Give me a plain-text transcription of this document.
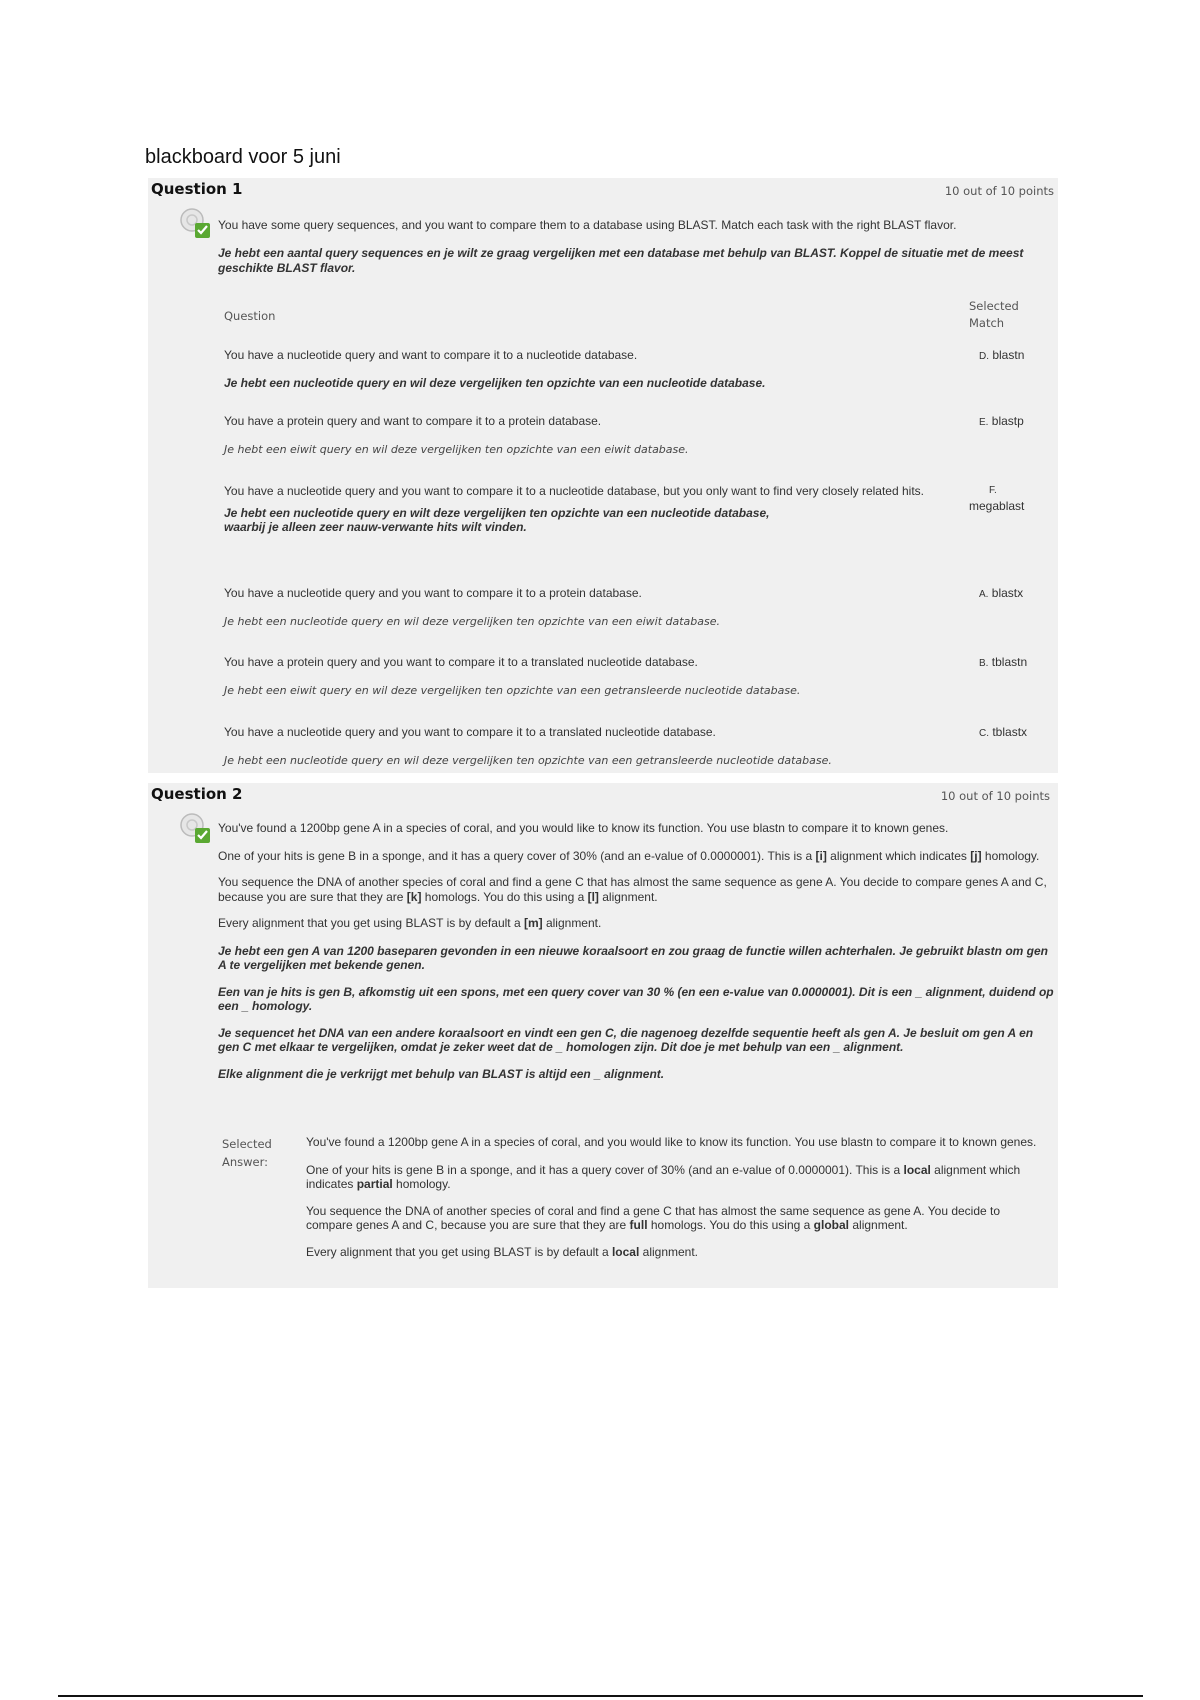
blackboard voor 5 juni
Question 1	10 out of 10 points

You have some query sequences, and you want to compare them to a database using BLAST. Match each task with the right BLAST flavor.

Je hebt een aantal query sequences en je wilt ze graag vergelijken met een database met behulp van BLAST. Koppel de situatie met de meest geschikte BLAST flavor.

Question
Selected
Match

You have a nucleotide query and want to compare it to a nucleotide database.

Je hebt een nucleotide query en wil deze vergelijken ten opzichte van een nucleotide database.

D. blastn

You have a protein query and want to compare it to a protein database.

Je hebt een eiwit query en wil deze vergelijken ten opzichte van een eiwit database.

E. blastp

You have a nucleotide query and you want to compare it to a nucleotide database, but you only want to find very closely related hits.

Je hebt een nucleotide query en wilt deze vergelijken ten opzichte van een nucleotide database, waarbij je alleen zeer nauw-verwante hits wilt vinden.

F.
megablast

You have a nucleotide query and you want to compare it to a protein database.

Je hebt een nucleotide query en wil deze vergelijken ten opzichte van een eiwit database.

A. blastx

You have a protein query and you want to compare it to a translated nucleotide database.

Je hebt een eiwit query en wil deze vergelijken ten opzichte van een getransleerde nucleotide database.

B. tblastn

You have a nucleotide query and you want to compare it to a translated nucleotide database.

Je hebt een nucleotide query en wil deze vergelijken ten opzichte van een getransleerde nucleotide database.

C. tblastx
Question 2	10 out of 10 points

You've found a 1200bp gene A in a species of coral, and you would like to know its function. You use blastn to compare it to known genes.

One of your hits is gene B in a sponge, and it has a query cover of 30% (and an e-value of 0.0000001). This is a [i] alignment which indicates [j] homology.

You sequence the DNA of another species of coral and find a gene C that has almost the same sequence as gene A. You decide to compare genes A and C, because you are sure that they are [k] homologs. You do this using a [l] alignment.

Every alignment that you get using BLAST is by default a [m] alignment.

Je hebt een gen A van 1200 baseparen gevonden in een nieuwe koraalsoort en zou graag de functie willen achterhalen. Je gebruikt blastn om gen A te vergelijken met bekende genen.

Een van je hits is gen B, afkomstig uit een spons, met een query cover van 30 % (en een e-value van 0.0000001). Dit is een _ alignment, duidend op een _ homology.

Je sequencet het DNA van een andere koraalsoort en vindt een gen C, die nagenoeg dezelfde sequentie heeft als gen A. Je besluit om gen A en gen C met elkaar te vergelijken, omdat je zeker weet dat de _ homologen zijn. Dit doe je met behulp van een _ alignment.

Elke alignment die je verkrijgt met behulp van BLAST is altijd een _ alignment.

Selected
Answer:

You've found a 1200bp gene A in a species of coral, and you would like to know its function. You use blastn to compare it to known genes.

One of your hits is gene B in a sponge, and it has a query cover of 30% (and an e-value of 0.0000001). This is a local alignment which indicates partial homology.

You sequence the DNA of another species of coral and find a gene C that has almost the same sequence as gene A. You decide to compare genes A and C, because you are sure that they are full homologs. You do this using a global alignment.

Every alignment that you get using BLAST is by default a local alignment.
